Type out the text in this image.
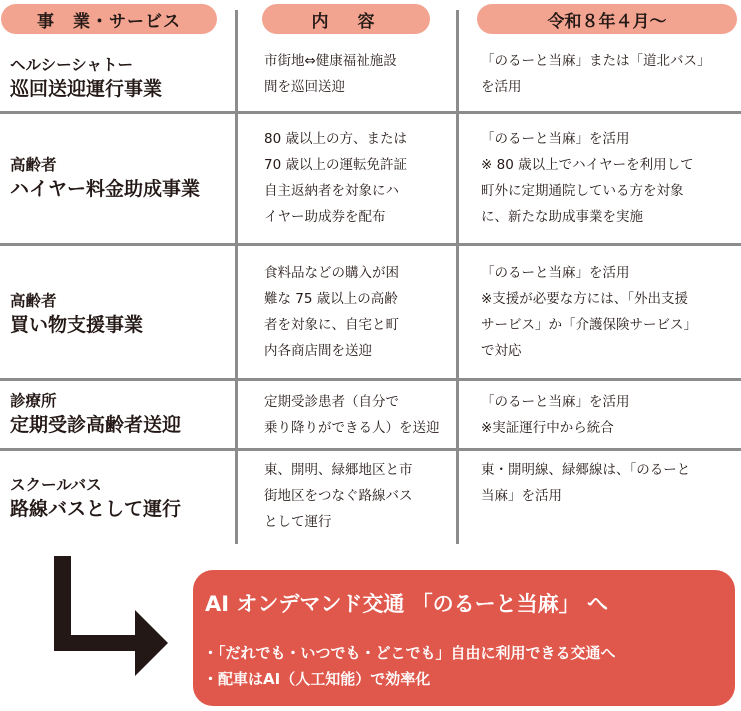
事　業・サービス	内　容	令和８年４月～
ヘルシーシャトー
巡回送迎運行事業
市街地⇔健康福祉施設
間を巡回送迎
「のるーと当麻」または「道北バス」
を活用
高齢者
ハイヤー料金助成事業
80 歳以上の方、または
70 歳以上の運転免許証
自主返納者を対象にハ
イヤー助成券を配布
「のるーと当麻」を活用
※ 80 歳以上でハイヤーを利用して
町外に定期通院している方を対象
に、新たな助成事業を実施
高齢者
買い物支援事業
食料品などの購入が困
難な 75 歳以上の高齢
者を対象に、自宅と町
内各商店間を送迎
「のるーと当麻」を活用
※支援が必要な方には、「外出支援
サービス」か「介護保険サービス」
で対応
診療所
定期受診高齢者送迎
定期受診患者（自分で
乗り降りができる人）を送迎
「のるーと当麻」を活用
※実証運行中から統合
スクールバス
路線バスとして運行
東、開明、緑郷地区と市
街地区をつなぐ路線バス
として運行
東・開明線、緑郷線は、「のるーと
当麻」を活用
AI オンデマンド交通 「のるーと当麻」 へ
・「だれでも・いつでも・どこでも」自由に利用できる交通へ
・配車はAI（人工知能）で効率化
